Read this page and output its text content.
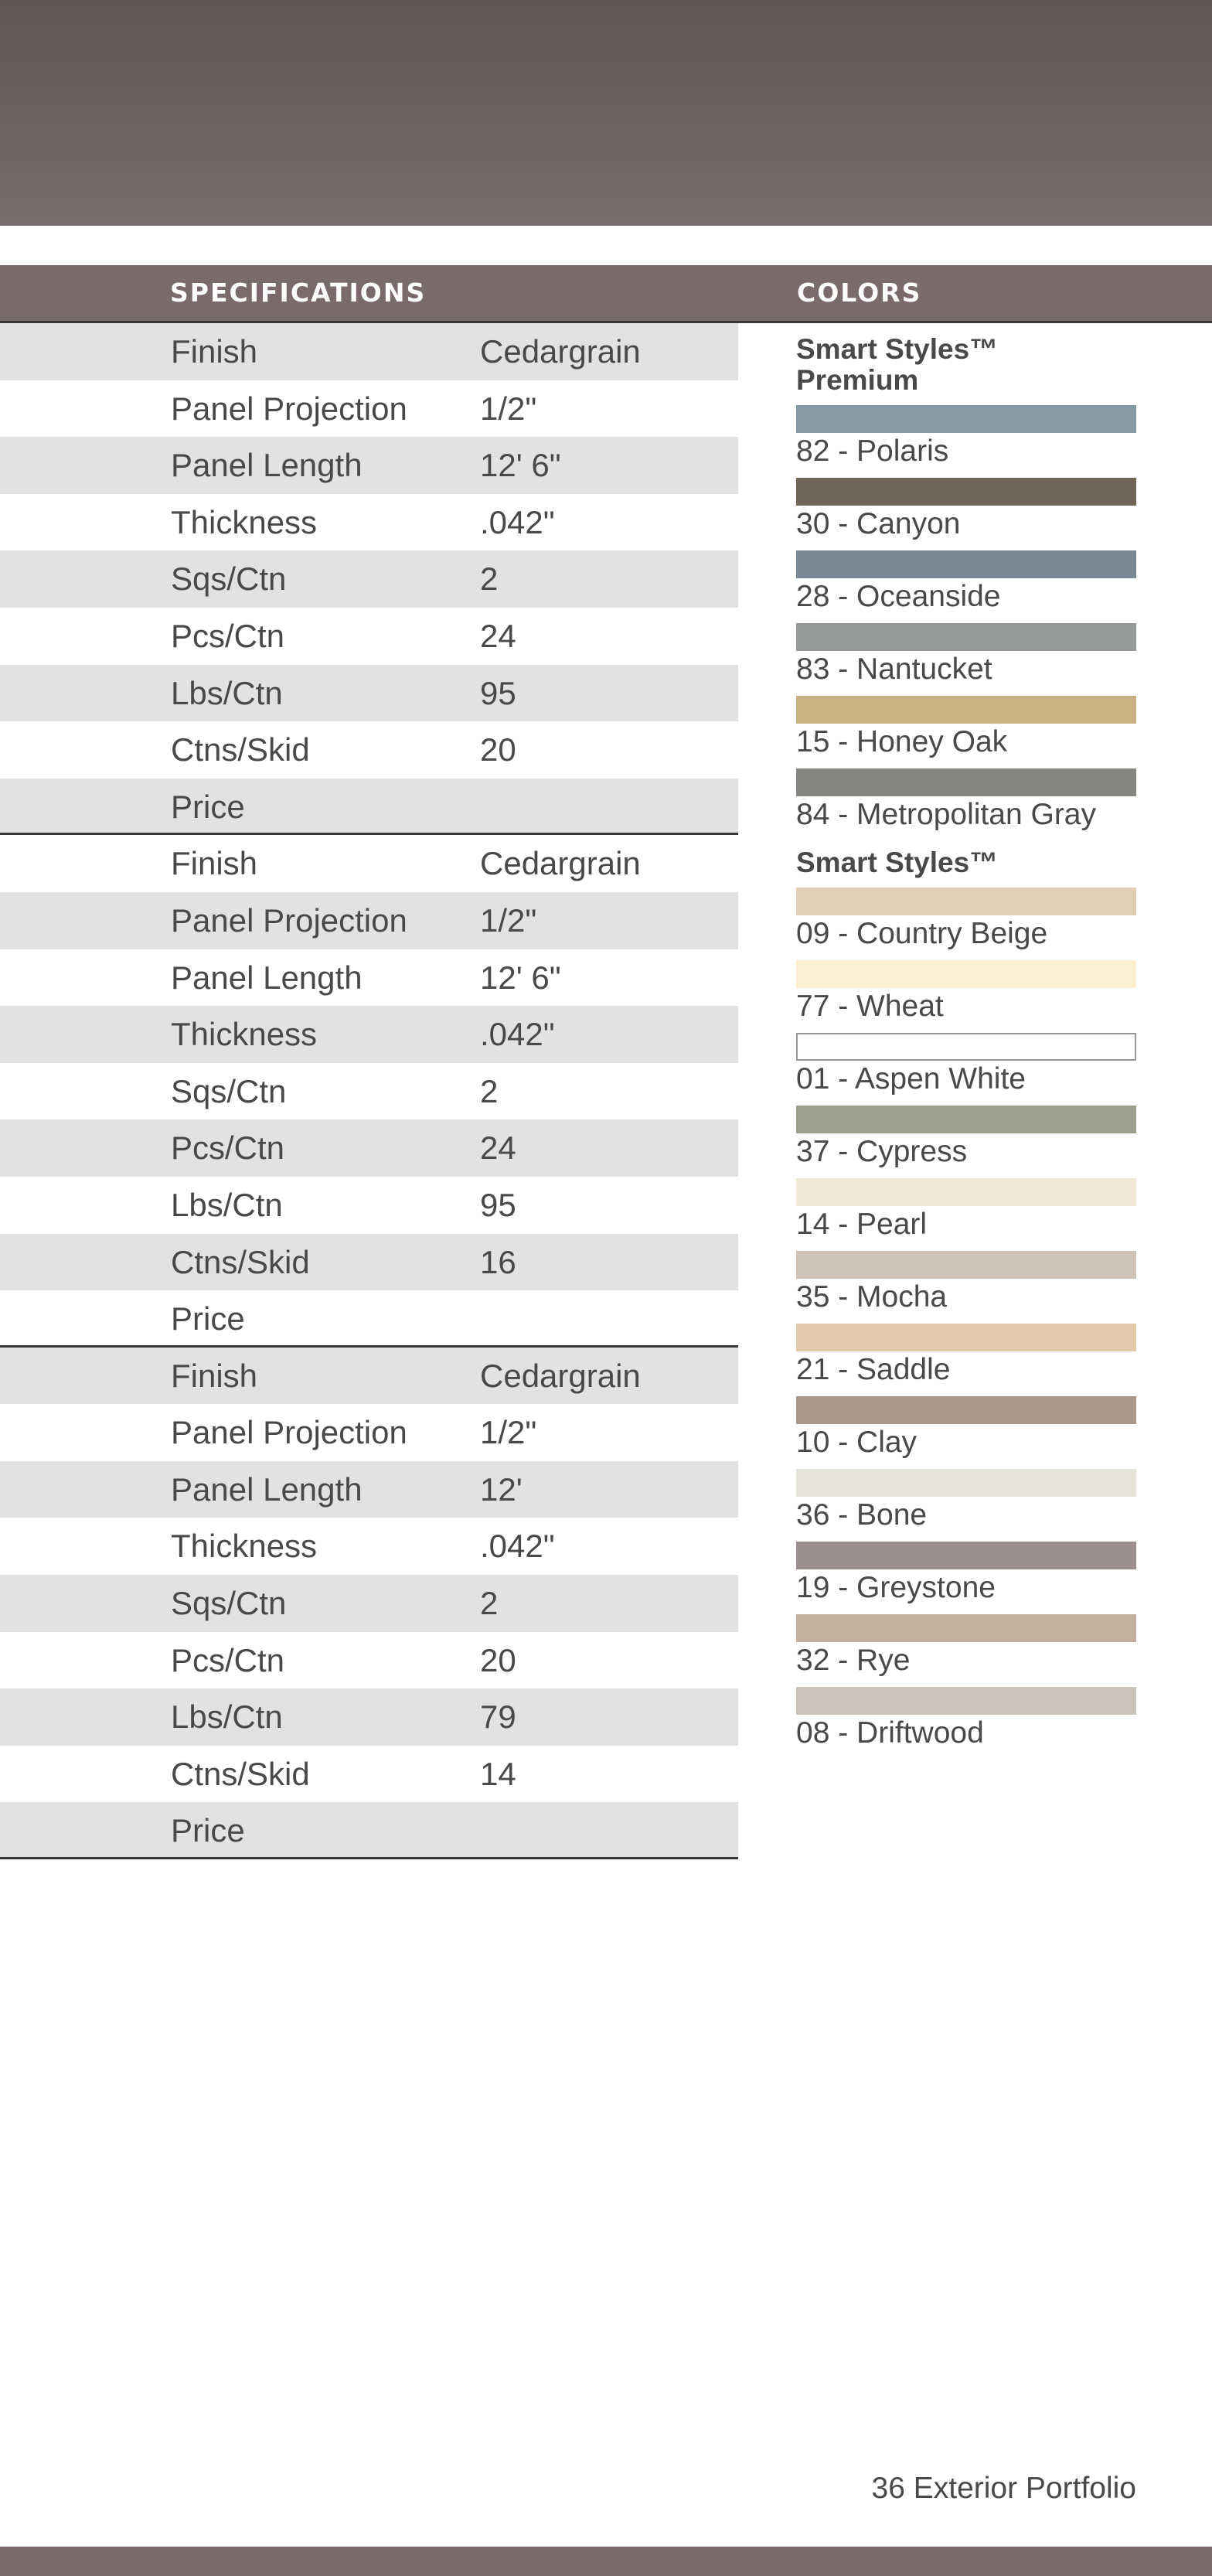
SPECIFICATIONS	COLORS
Finish	Cedargrain
Panel Projection 1/2"
Panel Length	12' 6"
Thickness	.042"
Sqs/Ctn	2
Pcs/Ctn	24
Lbs/Ctn	95
Ctns/Skid	20
Price
Finish	Cedargrain
Panel Projection 1/2"
Panel Length	12' 6"
Thickness	.042"
Sqs/Ctn	2
Pcs/Ctn	24
Lbs/Ctn	95
Ctns/Skid	16
Price
Finish	Cedargrain
Panel Projection 1/2"
Panel Length	12'
Thickness	.042"
Sqs/Ctn	2
Pcs/Ctn	20
Lbs/Ctn	79
Ctns/Skid	14
Price
Smart Styles™
Premium
82 - Polaris
30 - Canyon
28 - Oceanside
83 - Nantucket
15 - Honey Oak
84 - Metropolitan Gray
Smart Styles™
09 - Country Beige
77 - Wheat
01 - Aspen White
37 - Cypress
14 - Pearl
35 - Mocha
21 - Saddle
10 - Clay
36 - Bone
19 - Greystone
32 - Rye
08 - Driftwood
36 Exterior Portfolio
